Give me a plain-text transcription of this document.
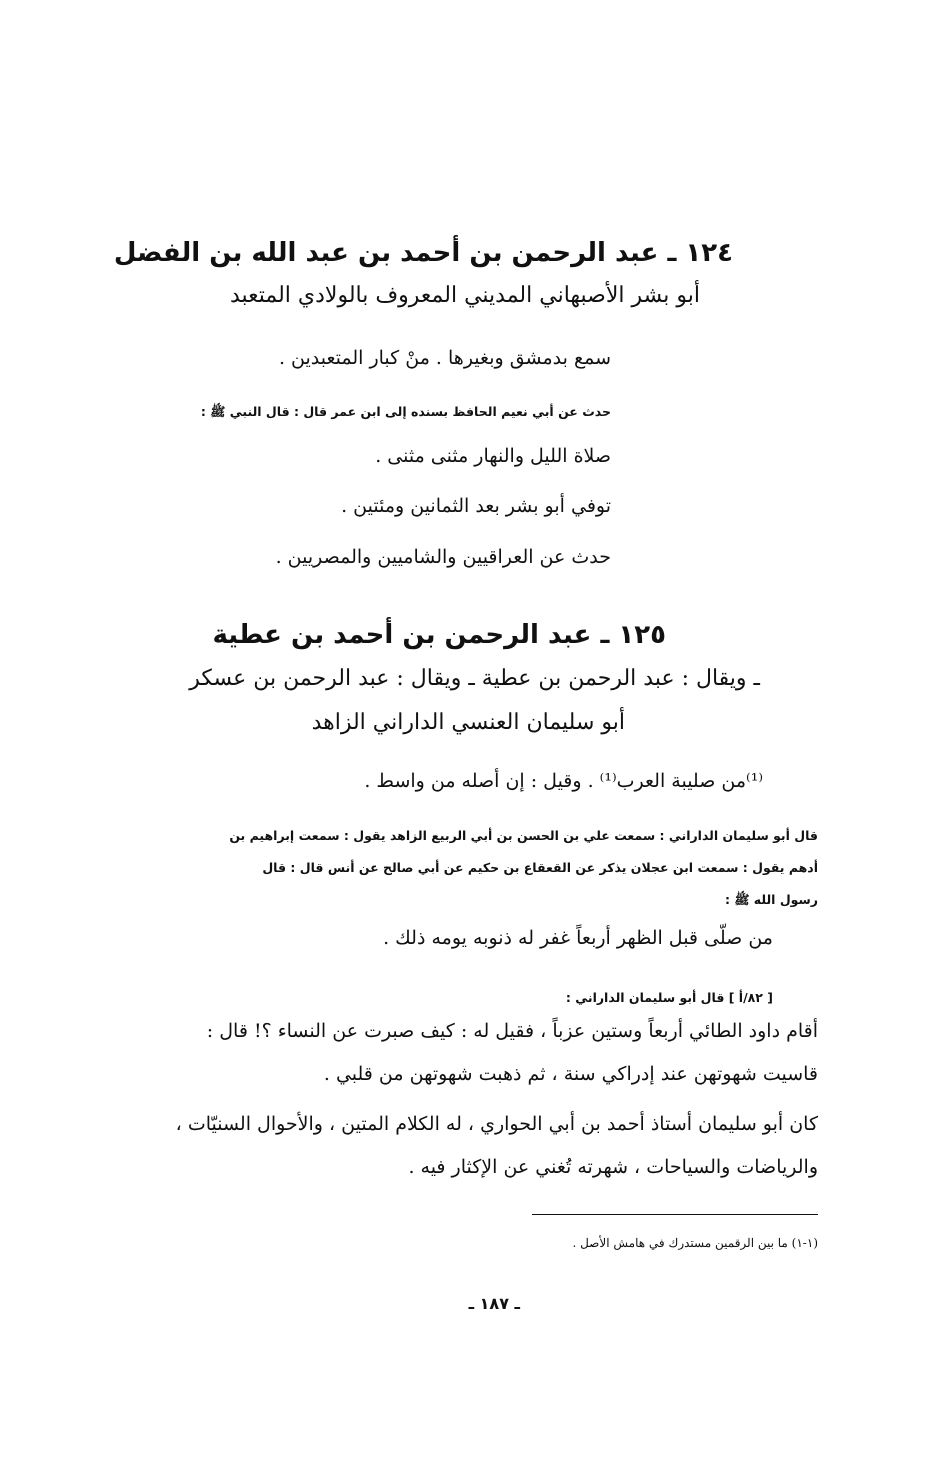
١٢٤ ـ عبد الرحمن بن أحمد بن عبد الله بن الفضل
أبو بشر الأصبهاني المديني المعروف بالولادي المتعبد
سمع بدمشق وبغيرها . منْ كبار المتعبدين .
حدث عن أبي نعيم الحافظ بسنده إلى ابن عمر قال : قال النبي ﷺ :
صلاة الليل والنهار مثنى مثنى .
توفي أبو بشر بعد الثمانين ومئتين .
حدث عن العراقيين والشاميين والمصريين .
١٢٥ ـ عبد الرحمن بن أحمد بن عطية
ـ ويقال : عبد الرحمن بن عطية ـ ويقال : عبد الرحمن بن عسكر
أبو سليمان العنسي الداراني الزاهد
⁽¹⁾من صليبة العرب⁽¹⁾ . وقيل : إن أصله من واسط .
قال أبو سليمان الداراني : سمعت علي بن الحسن بن أبي الربيع الزاهد يقول : سمعت إبراهيم بن
أدهم يقول : سمعت ابن عجلان يذكر عن القعقاع بن حكيم عن أبي صالح عن أنس قال : قال
رسول الله ﷺ :
من صلّى قبل الظهر أربعاً غفر له ذنوبه يومه ذلك .
[ ٨٢/أ ] قال أبو سليمان الداراني :
أقام داود الطائي أربعاً وستين عزباً ، فقيل له : كيف صبرت عن النساء ؟! قال :
قاسيت شهوتهن عند إدراكي سنة ، ثم ذهبت شهوتهن من قلبي .
كان أبو سليمان أستاذ أحمد بن أبي الحواري ، له الكلام المتين ، والأحوال السنيّات ،
والرياضات والسياحات ، شهرته تُغني عن الإكثار فيه .
(١-١) ما بين الرقمين مستدرك في هامش الأصل .
ـ ١٨٧ ـ
